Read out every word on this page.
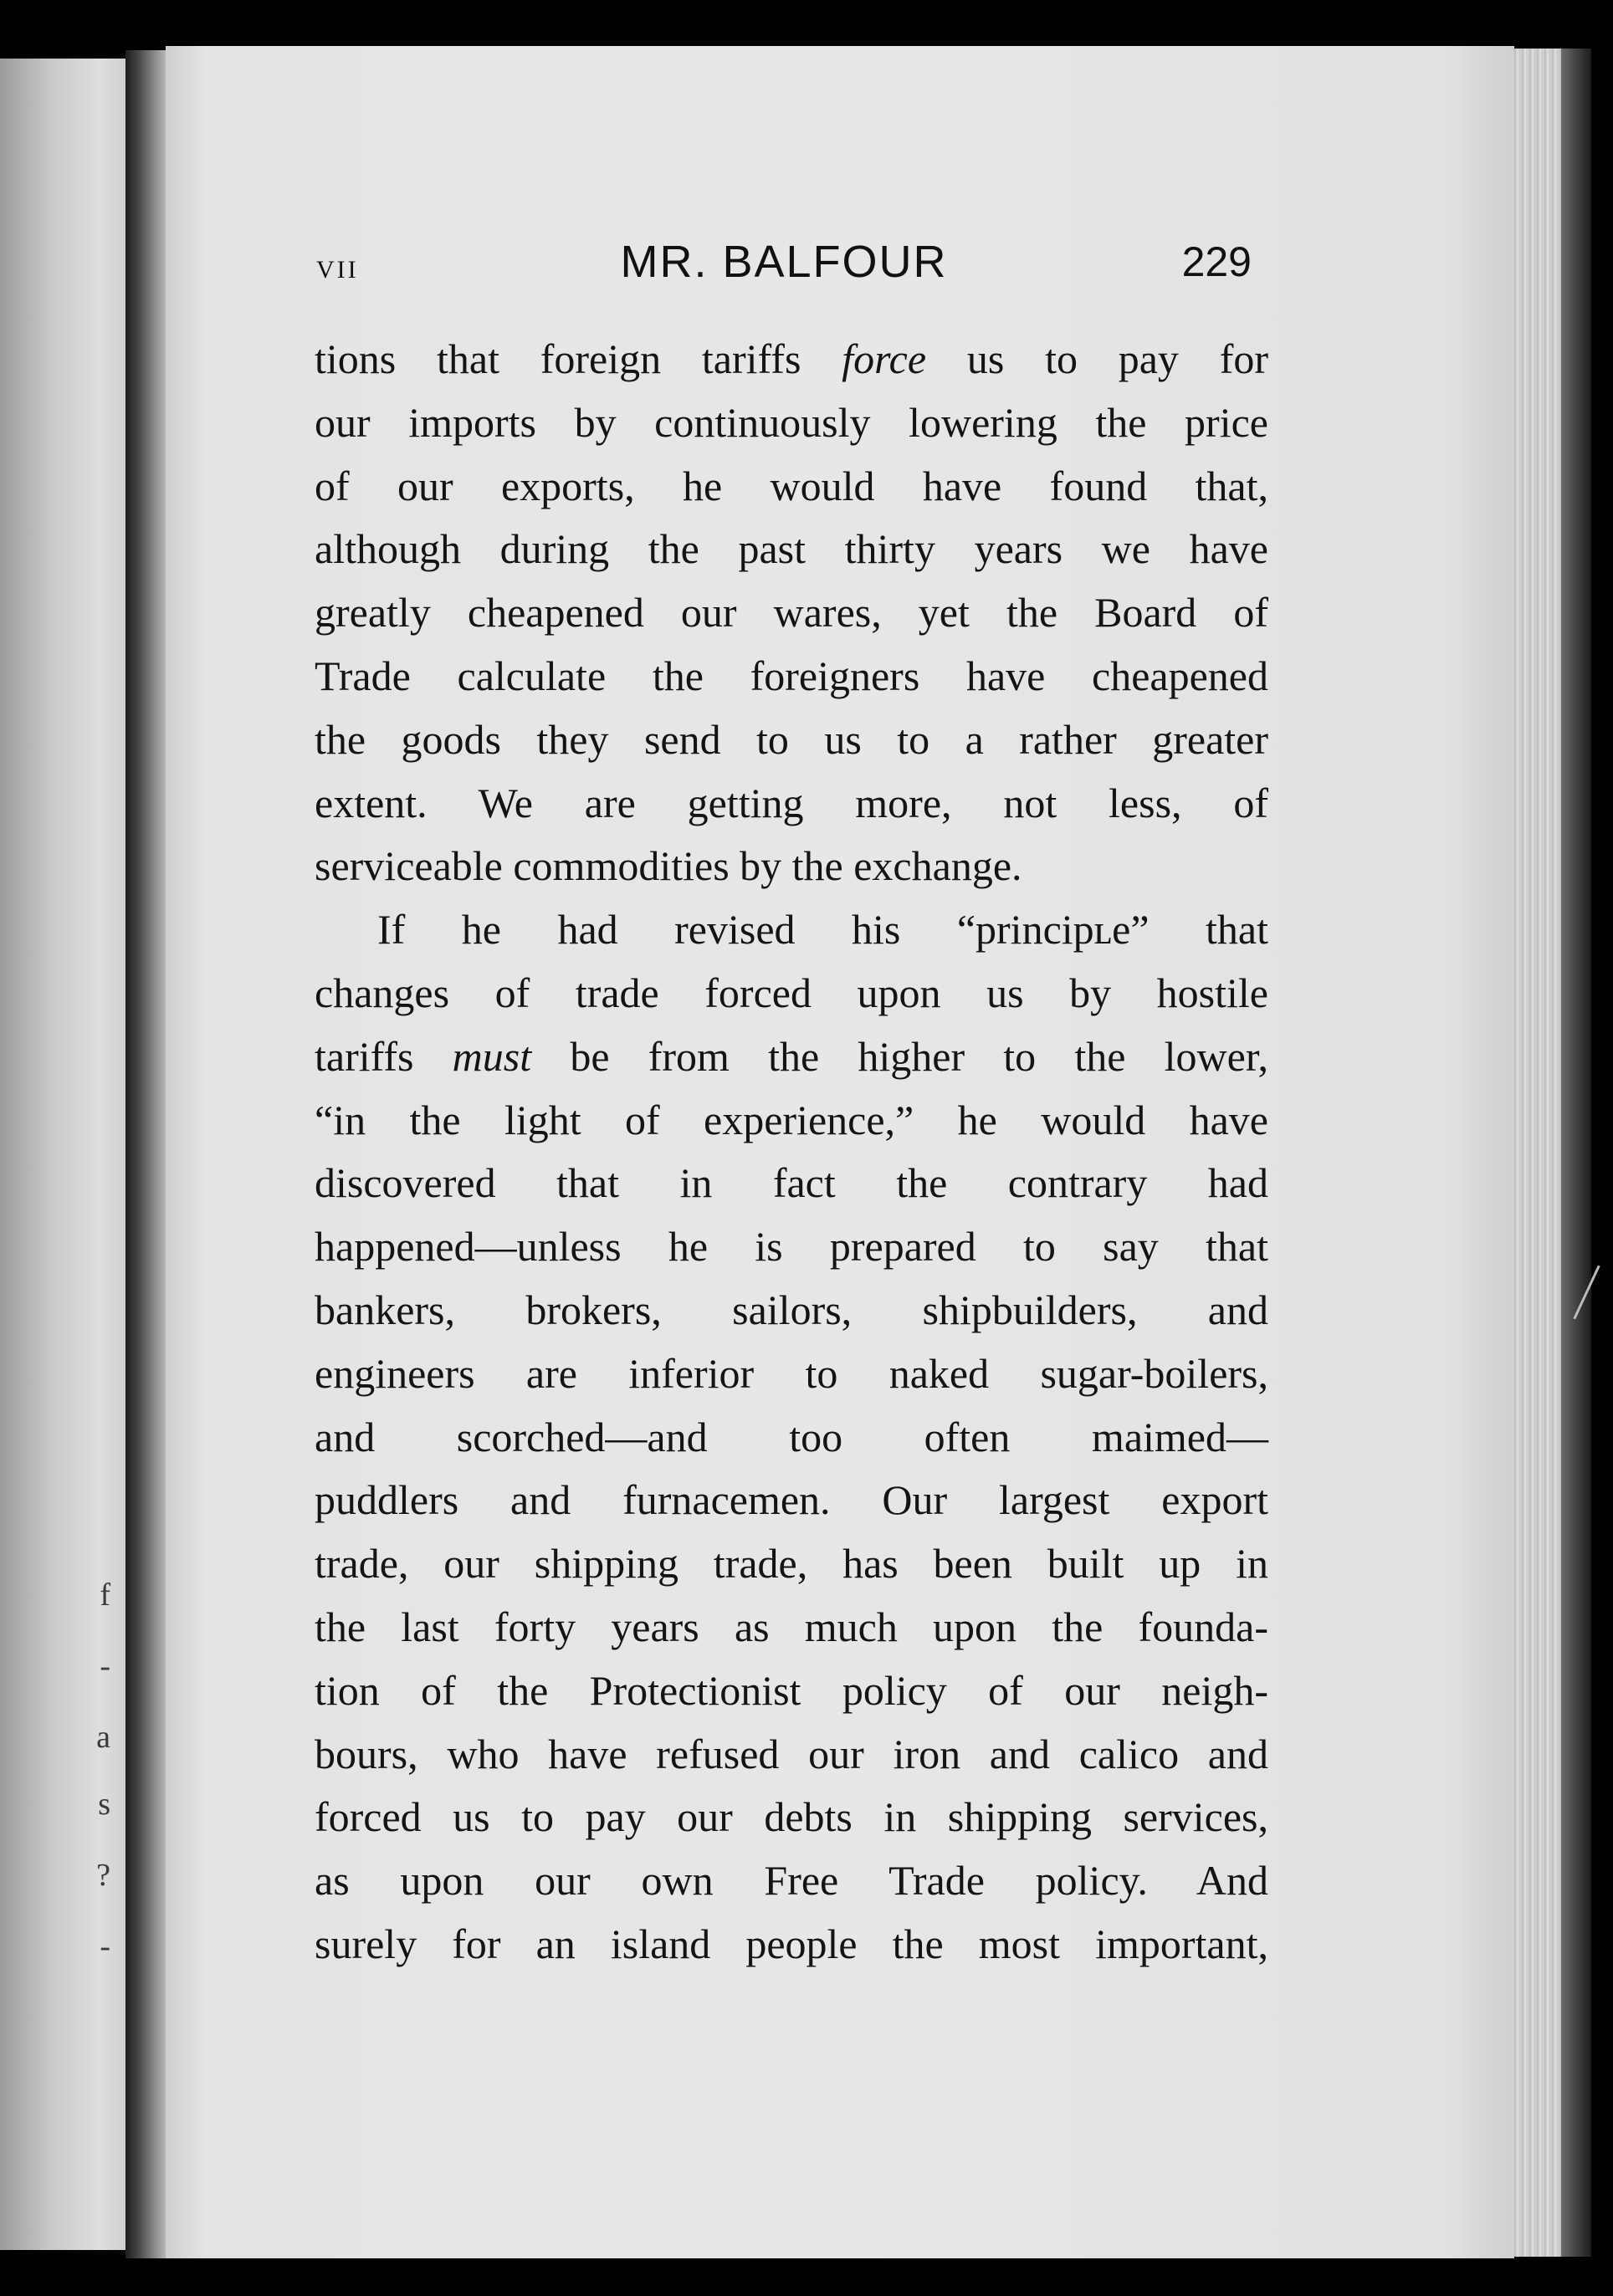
f
-
a
s
?
-
VII	MR. BALFOUR	229
tions that foreign tariffs force us to pay for
our imports by continuously lowering the price
of our exports, he would have found that,
although during the past thirty years we have
greatly cheapened our wares, yet the Board of
Trade calculate the foreigners have cheapened
the goods they send to us to a rather greater
extent. We are getting more, not less, of
serviceable commodities by the exchange.
If he had revised his “principʟe” that
changes of trade forced upon us by hostile
tariffs must be from the higher to the lower,
“in the light of experience,” he would have
discovered that in fact the contrary had
happened—unless he is prepared to say that
bankers, brokers, sailors, shipbuilders, and
engineers are inferior to naked sugar-boilers,
and scorched—and too often maimed—
puddlers and furnacemen. Our largest export
trade, our shipping trade, has been built up in
the last forty years as much upon the founda-
tion of the Protectionist policy of our neigh-
bours, who have refused our iron and calico and
forced us to pay our debts in shipping services,
as upon our own Free Trade policy. And
surely for an island people the most important,
